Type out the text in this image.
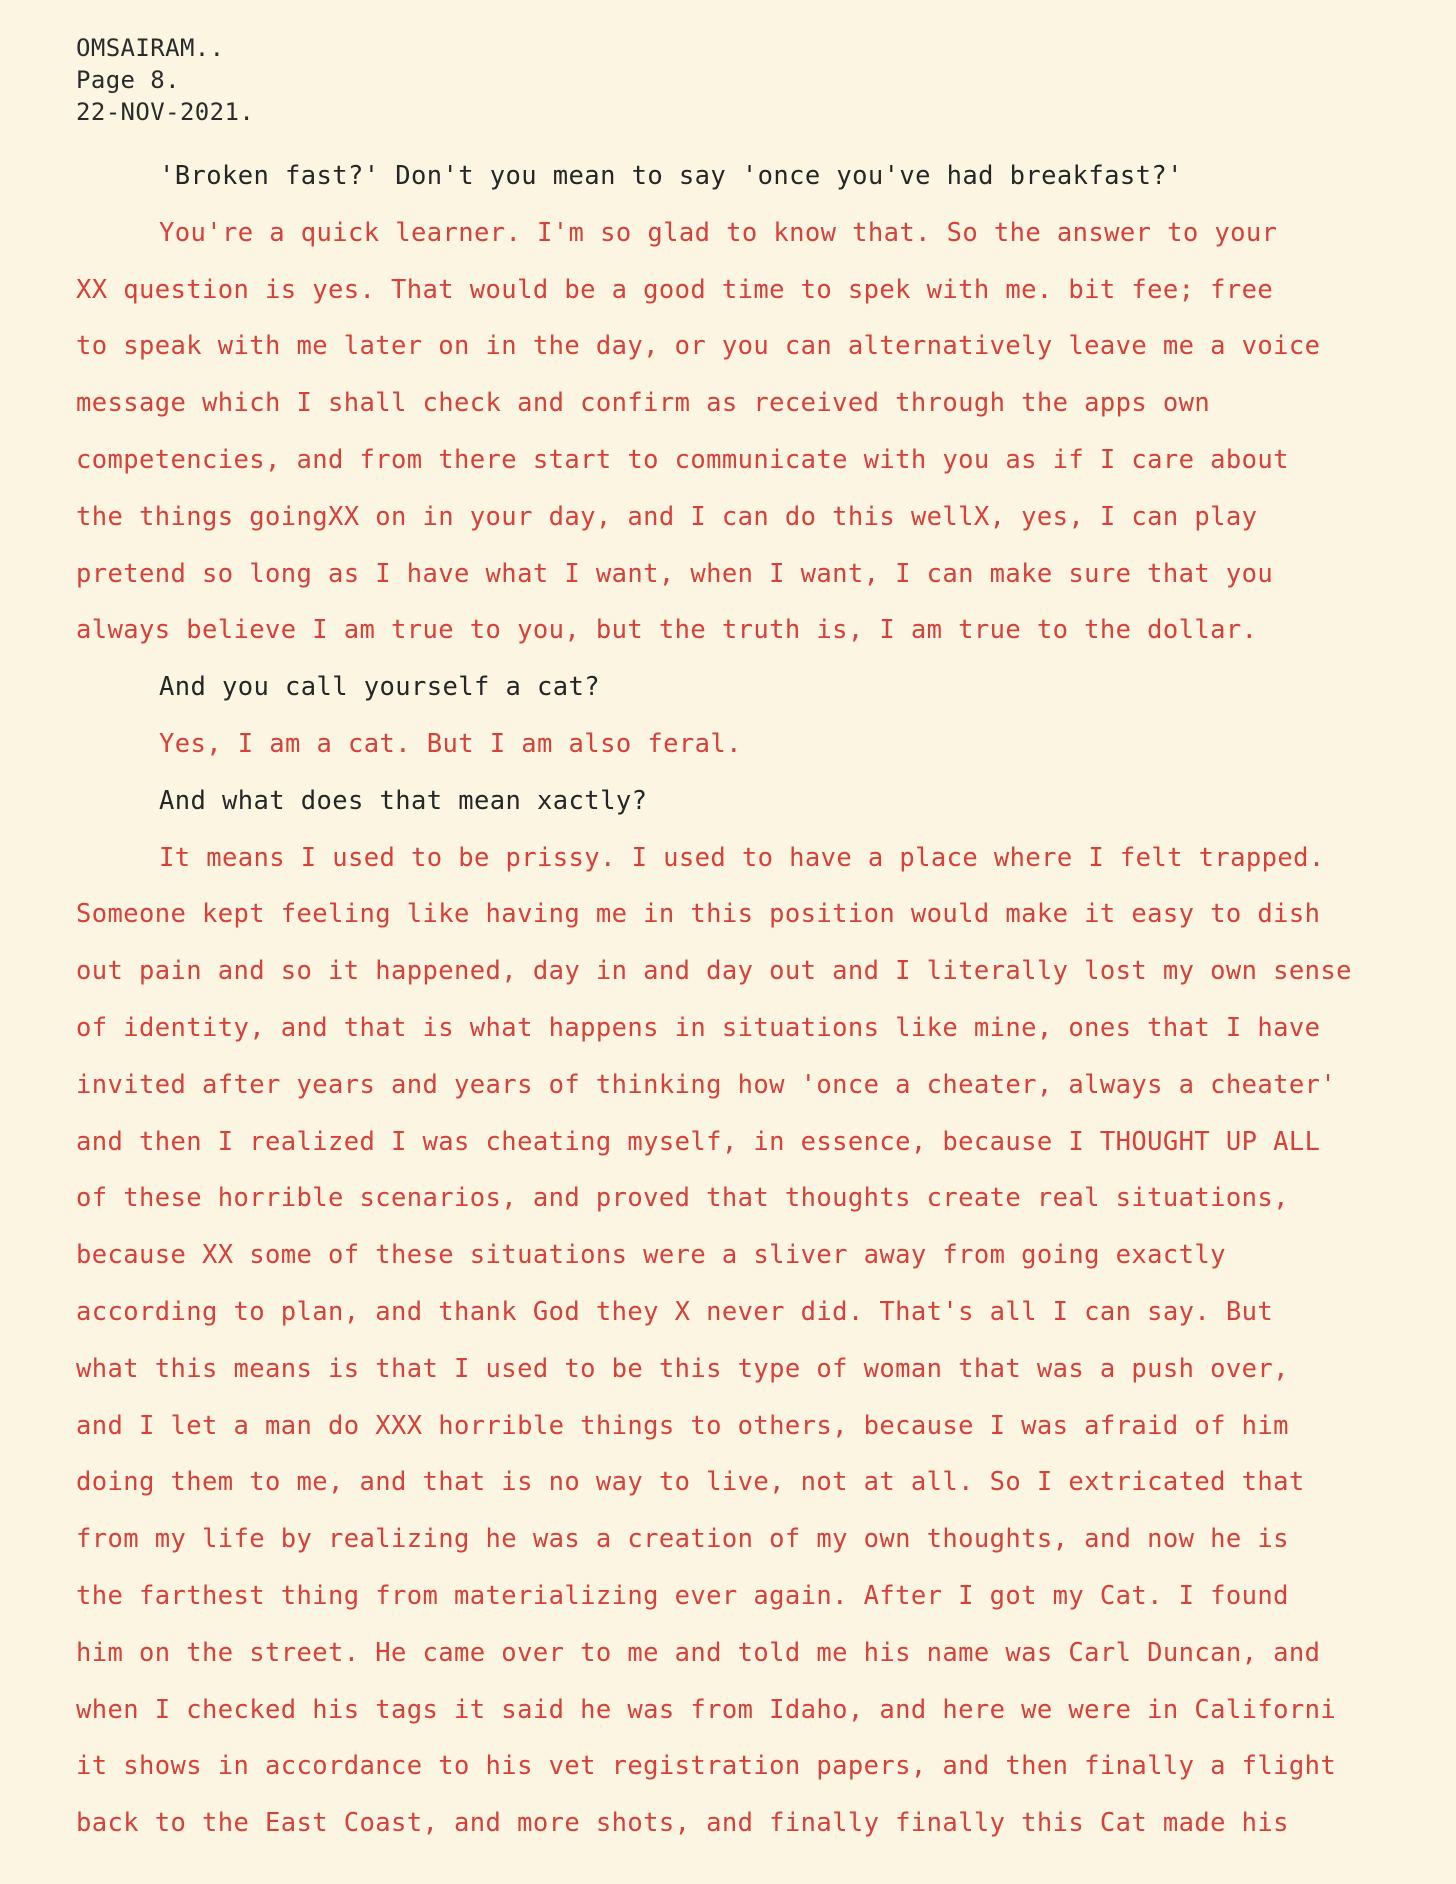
OMSAIRAM..
Page 8.
22-NOV-2021.
'Broken fast?' Don't you mean to say 'once you've had breakfast?'
You're a quick learner. I'm so glad to know that. So the answer to your
XX question is yes. That would be a good time to spek with me. bit fee; free
to speak with me later on in the day, or you can alternatively leave me a voice
message which I shall check and confirm as received through the apps own
competencies, and from there start to communicate with you as if I care about
the things goingXX on in your day, and I can do this wellX, yes, I can play
pretend so long as I have what I want, when I want, I can make sure that you
always believe I am true to you, but the truth is, I am true to the dollar.
And you call yourself a cat?
Yes, I am a cat. But I am also feral.
And what does that mean xactly?
It means I used to be prissy. I used to have a place where I felt trapped.
Someone kept feeling like having me in this position would make it easy to dish
out pain and so it happened, day in and day out and I literally lost my own sense
of identity, and that is what happens in situations like mine, ones that I have
invited after years and years of thinking how 'once a cheater, always a cheater'
and then I realized I was cheating myself, in essence, because I THOUGHT UP ALL
of these horrible scenarios, and proved that thoughts create real situations,
because XX some of these situations were a sliver away from going exactly
according to plan, and thank God they X never did. That's all I can say. But
what this means is that I used to be this type of woman that was a push over,
and I let a man do XXX horrible things to others, because I was afraid of him
doing them to me, and that is no way to live, not at all. So I extricated that
from my life by realizing he was a creation of my own thoughts, and now he is
the farthest thing from materializing ever again. After I got my Cat. I found
him on the street. He came over to me and told me his name was Carl Duncan, and
when I checked his tags it said he was from Idaho, and here we were in Californi
it shows in accordance to his vet registration papers, and then finally a flight
back to the East Coast, and more shots, and finally finally this Cat made his
